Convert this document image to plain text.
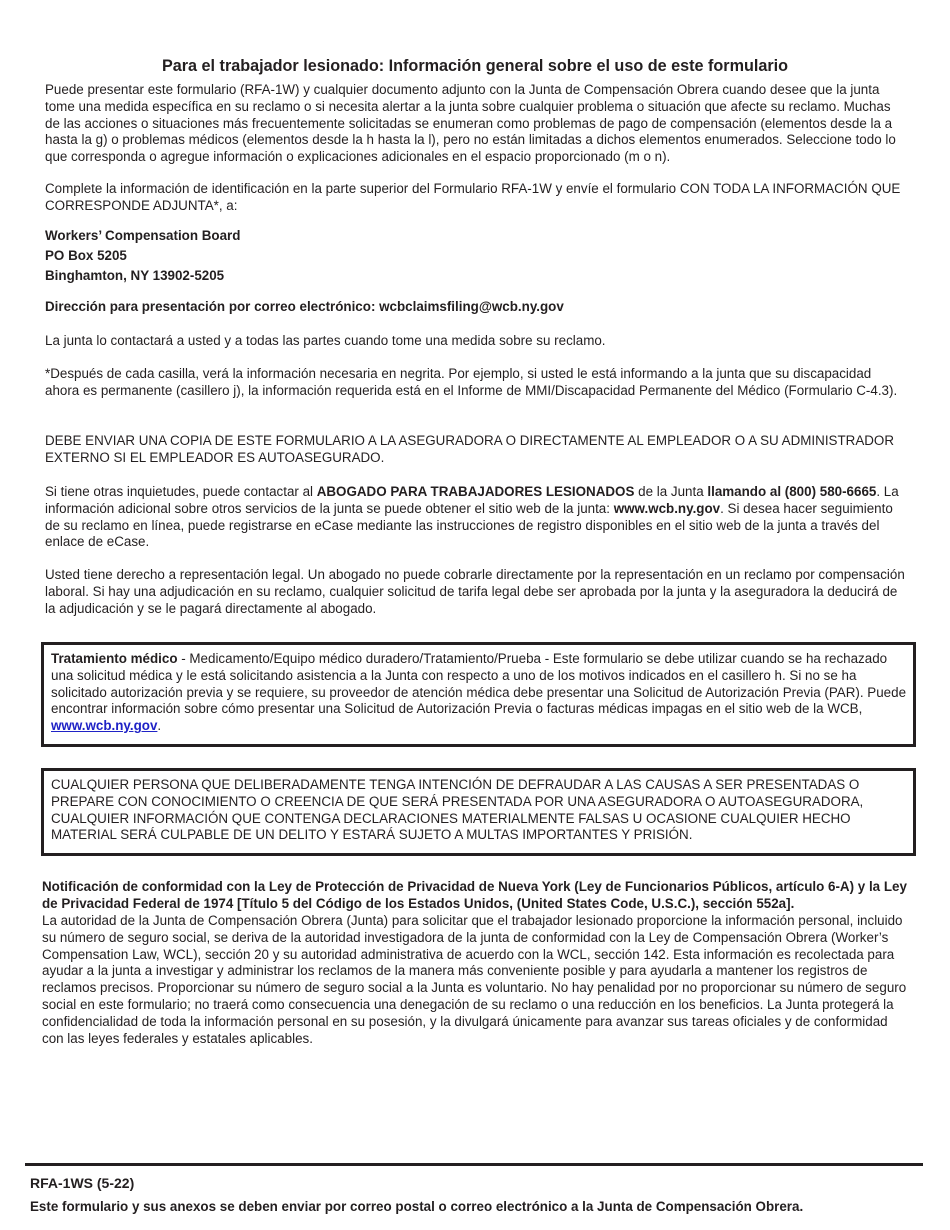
Para el trabajador lesionado: Información general sobre el uso de este formulario

Puede presentar este formulario (RFA-1W) y cualquier documento adjunto con la Junta de Compensación Obrera cuando desee que la junta tome una medida específica en su reclamo o si necesita alertar a la junta sobre cualquier problema o situación que afecte su reclamo. Muchas de las acciones o situaciones más frecuentemente solicitadas se enumeran como problemas de pago de compensación (elementos desde la a hasta la g) o problemas médicos (elementos desde la h hasta la l), pero no están limitadas a dichos elementos enumerados. Seleccione todo lo que corresponda o agregue información o explicaciones adicionales en el espacio proporcionado (m o n).

Complete la información de identificación en la parte superior del Formulario RFA-1W y envíe el formulario CON TODA LA INFORMACIÓN QUE CORRESPONDE ADJUNTA*, a:

Workers’ Compensation Board

PO Box 5205

Binghamton, NY 13902-5205

Dirección para presentación por correo electrónico: wcbclaimsfiling@wcb.ny.gov

La junta lo contactará a usted y a todas las partes cuando tome una medida sobre su reclamo.

*Después de cada casilla, verá la información necesaria en negrita. Por ejemplo, si usted le está informando a la junta que su discapacidad ahora es permanente (casillero j), la información requerida está en el Informe de MMI/Discapacidad Permanente del Médico (Formulario C-4.3).

DEBE ENVIAR UNA COPIA DE ESTE FORMULARIO A LA ASEGURADORA O DIRECTAMENTE AL EMPLEADOR O A SU ADMINISTRADOR EXTERNO SI EL EMPLEADOR ES AUTOASEGURADO.

Si tiene otras inquietudes, puede contactar al ABOGADO PARA TRABAJADORES LESIONADOS de la Junta llamando al (800) 580-6665. La información adicional sobre otros servicios de la junta se puede obtener el sitio web de la junta: www.wcb.ny.gov. Si desea hacer seguimiento de su reclamo en línea, puede registrarse en eCase mediante las instrucciones de registro disponibles en el sitio web de la junta a través del enlace de eCase.

Usted tiene derecho a representación legal. Un abogado no puede cobrarle directamente por la representación en un reclamo por compensación laboral. Si hay una adjudicación en su reclamo, cualquier solicitud de tarifa legal debe ser aprobada por la junta y la aseguradora la deducirá de la adjudicación y se le pagará directamente al abogado.

Tratamiento médico - Medicamento/Equipo médico duradero/Tratamiento/Prueba - Este formulario se debe utilizar cuando se ha rechazado una solicitud médica y le está solicitando asistencia a la Junta con respecto a uno de los motivos indicados en el casillero h. Si no se ha solicitado autorización previa y se requiere, su proveedor de atención médica debe presentar una Solicitud de Autorización Previa (PAR). Puede encontrar información sobre cómo presentar una Solicitud de Autorización Previa o facturas médicas impagas en el sitio web de la WCB, www.wcb.ny.gov.

CUALQUIER PERSONA QUE DELIBERADAMENTE TENGA INTENCIÓN DE DEFRAUDAR A LAS CAUSAS A SER PRESENTADAS O PREPARE CON CONOCIMIENTO O CREENCIA DE QUE SERÁ PRESENTADA POR UNA ASEGURADORA O AUTOASEGURADORA, CUALQUIER INFORMACIÓN QUE CONTENGA DECLARACIONES MATERIALMENTE FALSAS U OCASIONE CUALQUIER HECHO MATERIAL SERÁ CULPABLE DE UN DELITO Y ESTARÁ SUJETO A MULTAS IMPORTANTES Y PRISIÓN.

Notificación de conformidad con la Ley de Protección de Privacidad de Nueva York (Ley de Funcionarios Públicos, artículo 6-A) y la Ley de Privacidad Federal de 1974 [Título 5 del Código de los Estados Unidos, (United States Code, U.S.C.), sección 552a].

La autoridad de la Junta de Compensación Obrera (Junta) para solicitar que el trabajador lesionado proporcione la información personal, incluido su número de seguro social, se deriva de la autoridad investigadora de la junta de conformidad con la Ley de Compensación Obrera (Worker’s Compensation Law, WCL), sección 20 y su autoridad administrativa de acuerdo con la WCL, sección 142. Esta información es recolectada para ayudar a la junta a investigar y administrar los reclamos de la manera más conveniente posible y para ayudarla a mantener los registros de reclamos precisos. Proporcionar su número de seguro social a la Junta es voluntario. No hay penalidad por no proporcionar su número de seguro social en este formulario; no traerá como consecuencia una denegación de su reclamo o una reducción en los beneficios. La Junta protegerá la confidencialidad de toda la información personal en su posesión, y la divulgará únicamente para avanzar sus tareas oficiales y de conformidad con las leyes federales y estatales aplicables.

RFA-1WS (5-22)
Este formulario y sus anexos se deben enviar por correo postal o correo electrónico a la Junta de Compensación Obrera.
